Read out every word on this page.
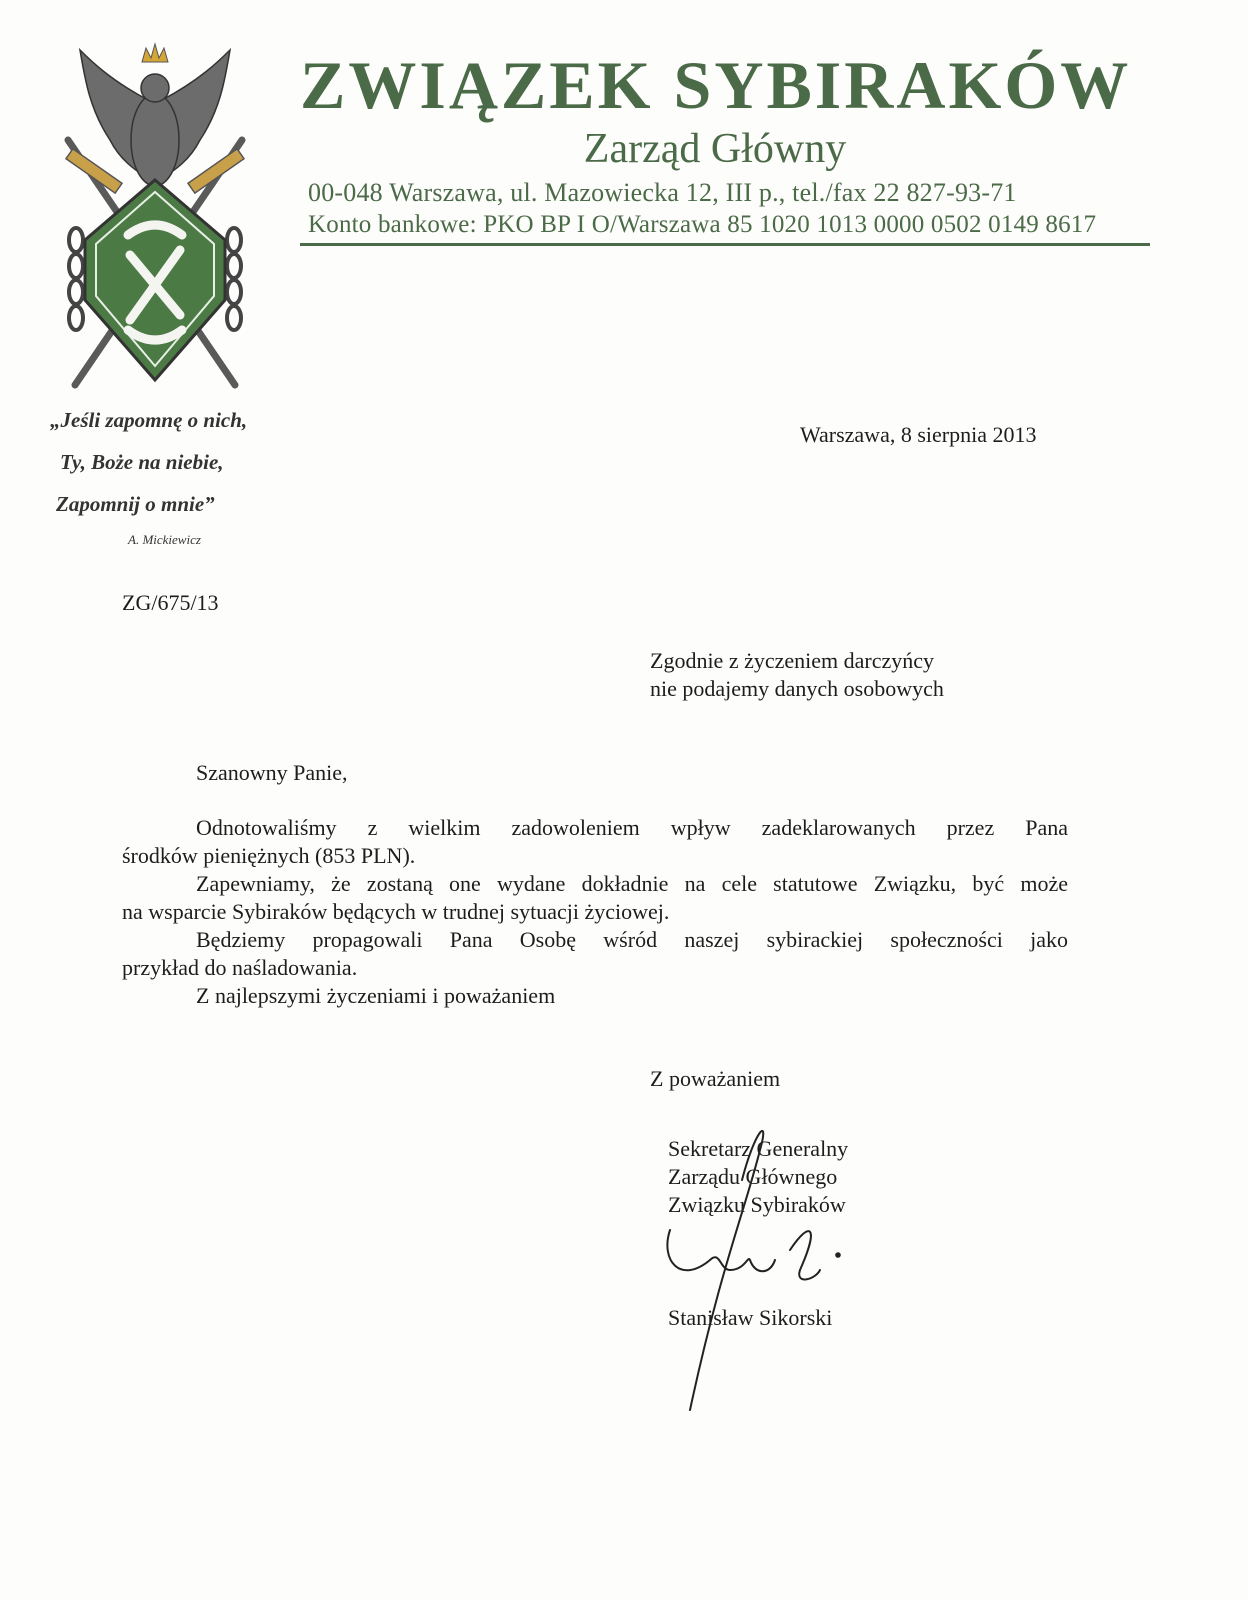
ZWIĄZEK SYBIRAKÓW
Zarząd Główny
00-048 Warszawa, ul. Mazowiecka 12, III p., tel./fax 22 827-93-71
Konto bankowe: PKO BP I O/Warszawa 85 1020 1013 0000 0502 0149 8617
„Jeśli zapomnę o nich,
Ty, Boże na niebie,
Zapomnij o mnie”
A. Mickiewicz
Warszawa, 8 sierpnia 2013
ZG/675/13
Zgodnie z życzeniem darczyńcy
nie podajemy danych osobowych
Szanowny Panie,
Odnotowaliśmy z wielkim zadowoleniem wpływ zadeklarowanych przez Pana
środków pieniężnych (853 PLN).
Zapewniamy, że zostaną one wydane dokładnie na cele statutowe Związku, być może
na wsparcie Sybiraków będących w trudnej sytuacji życiowej.
Będziemy propagowali Pana Osobę wśród naszej sybirackiej społeczności jako
przykład do naśladowania.
Z najlepszymi życzeniami i poważaniem
Z poważaniem
Sekretarz Generalny
Zarządu Głównego
Związku Sybiraków
Stanisław Sikorski
